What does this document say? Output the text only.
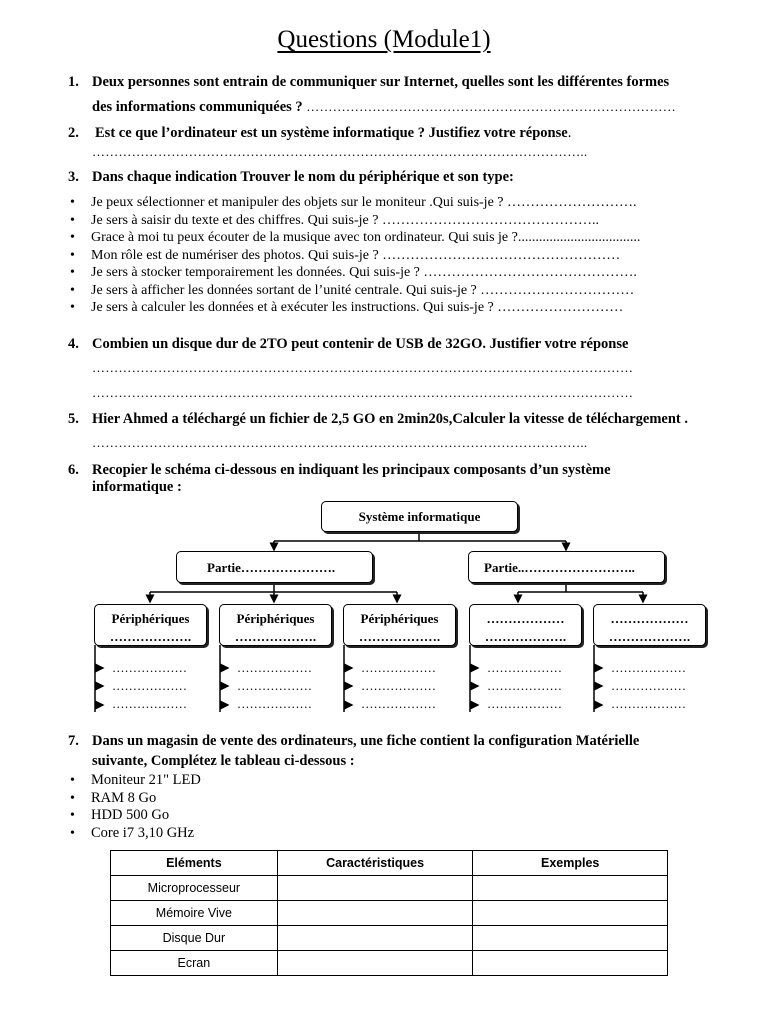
Questions (Module1)
1. Deux personnes sont entrain de communiquer sur Internet, quelles sont les différentes formes
des informations communiquées ? …………………………………………………………………………
2. Est ce que l’ordinateur est un système informatique ? Justifiez votre réponse.
…………………………………………………………………………………………………..
3. Dans chaque indication Trouver le nom du périphérique et son type:
• Je peux sélectionner et manipuler des objets sur le moniteur .Qui suis-je ? ……………………….
• Je sers à saisir du texte et des chiffres. Qui suis-je ? ………………………………………..
• Grace à moi tu peux écouter de la musique avec ton ordinateur. Qui suis je ?...................................
• Mon rôle est de numériser des photos. Qui suis-je ? ……………………………………………
• Je sers à stocker temporairement les données. Qui suis-je ? ……………………………………….
• Je sers à afficher les données sortant de l’unité centrale. Qui suis-je ? ……………………………
• Je sers à calculer les données et à exécuter les instructions. Qui suis-je ? ………………………
4. Combien un disque dur de 2TO peut contenir de USB de 32GO. Justifier votre réponse
……………………………………………………………………………………………………………
……………………………………………………………………………………………………………
5. Hier Ahmed a téléchargé un fichier de 2,5 GO en 2min20s,Calculer la vitesse de téléchargement .
…………………………………………………………………………………………………..
6. Recopier le schéma ci-dessous en indiquant les principaux composants d’un système
informatique :
Système informatique
Partie………………….	Partie..……………………..
Périphériques
……………….
Périphériques
……………….
Périphériques
……………….
………………
……………….
………………
……………….
………………
………………
………………
………………
………………
………………
………………
………………
………………
………………
………………
………………
………………
………………
………………
7. Dans un magasin de vente des ordinateurs, une fiche contient la configuration Matérielle
suivante, Complétez le tableau ci-dessous :
• Moniteur 21" LED
• RAM 8 Go
• HDD 500 Go
• Core i7 3,10 GHz
Eléments	Caractéristiques	Exemples
Microprocesseur		
Mémoire Vive		
Disque Dur		
Ecran		
